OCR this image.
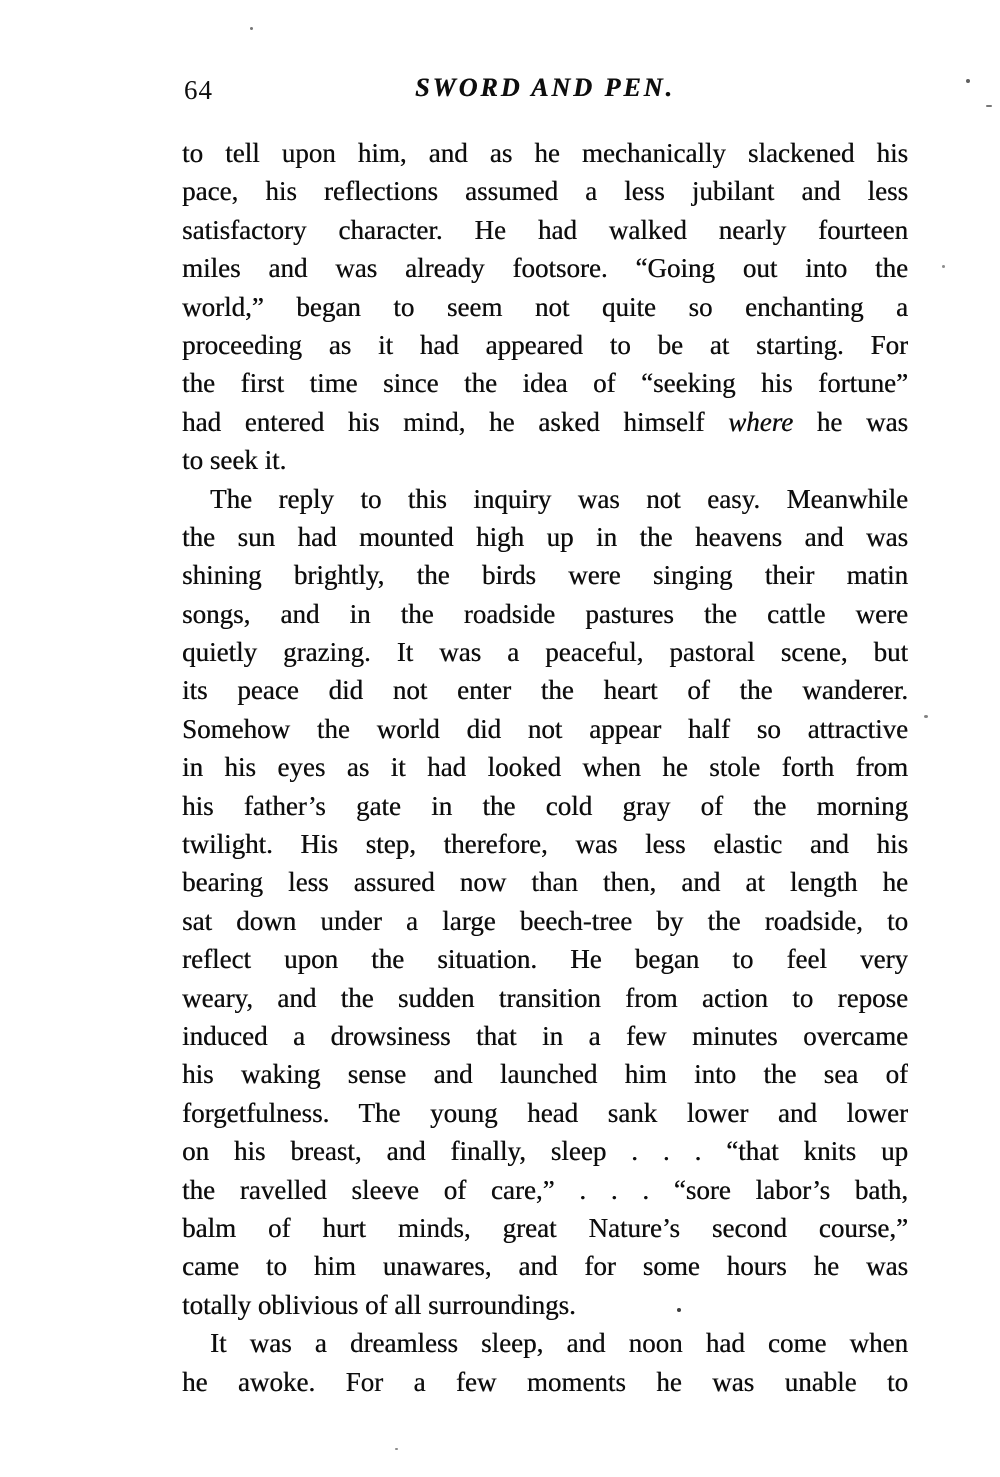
64	SWORD AND PEN.
to tell upon him, and as he mechanically slackened his
pace, his reflections assumed a less jubilant and less
satisfactory character. He had walked nearly fourteen
miles and was already footsore. “Going out into the
world,” began to seem not quite so enchanting a
proceeding as it had appeared to be at starting. For
the first time since the idea of “seeking his fortune”
had entered his mind, he asked himself where he was
to seek it.
The reply to this inquiry was not easy. Meanwhile
the sun had mounted high up in the heavens and was
shining brightly, the birds were singing their matin
songs, and in the roadside pastures the cattle were
quietly grazing. It was a peaceful, pastoral scene, but
its peace did not enter the heart of the wanderer.
Somehow the world did not appear half so attractive
in his eyes as it had looked when he stole forth from
his father’s gate in the cold gray of the morning
twilight. His step, therefore, was less elastic and his
bearing less assured now than then, and at length he
sat down under a large beech-tree by the roadside, to
reflect upon the situation. He began to feel very
weary, and the sudden transition from action to repose
induced a drowsiness that in a few minutes overcame
his waking sense and launched him into the sea of
forgetfulness. The young head sank lower and lower
on his breast, and finally, sleep . . . “that knits up
the ravelled sleeve of care,” . . . “sore labor’s bath,
balm of hurt minds, great Nature’s second course,”
came to him unawares, and for some hours he was
totally oblivious of all surroundings.
It was a dreamless sleep, and noon had come when
he awoke. For a few moments he was unable to
